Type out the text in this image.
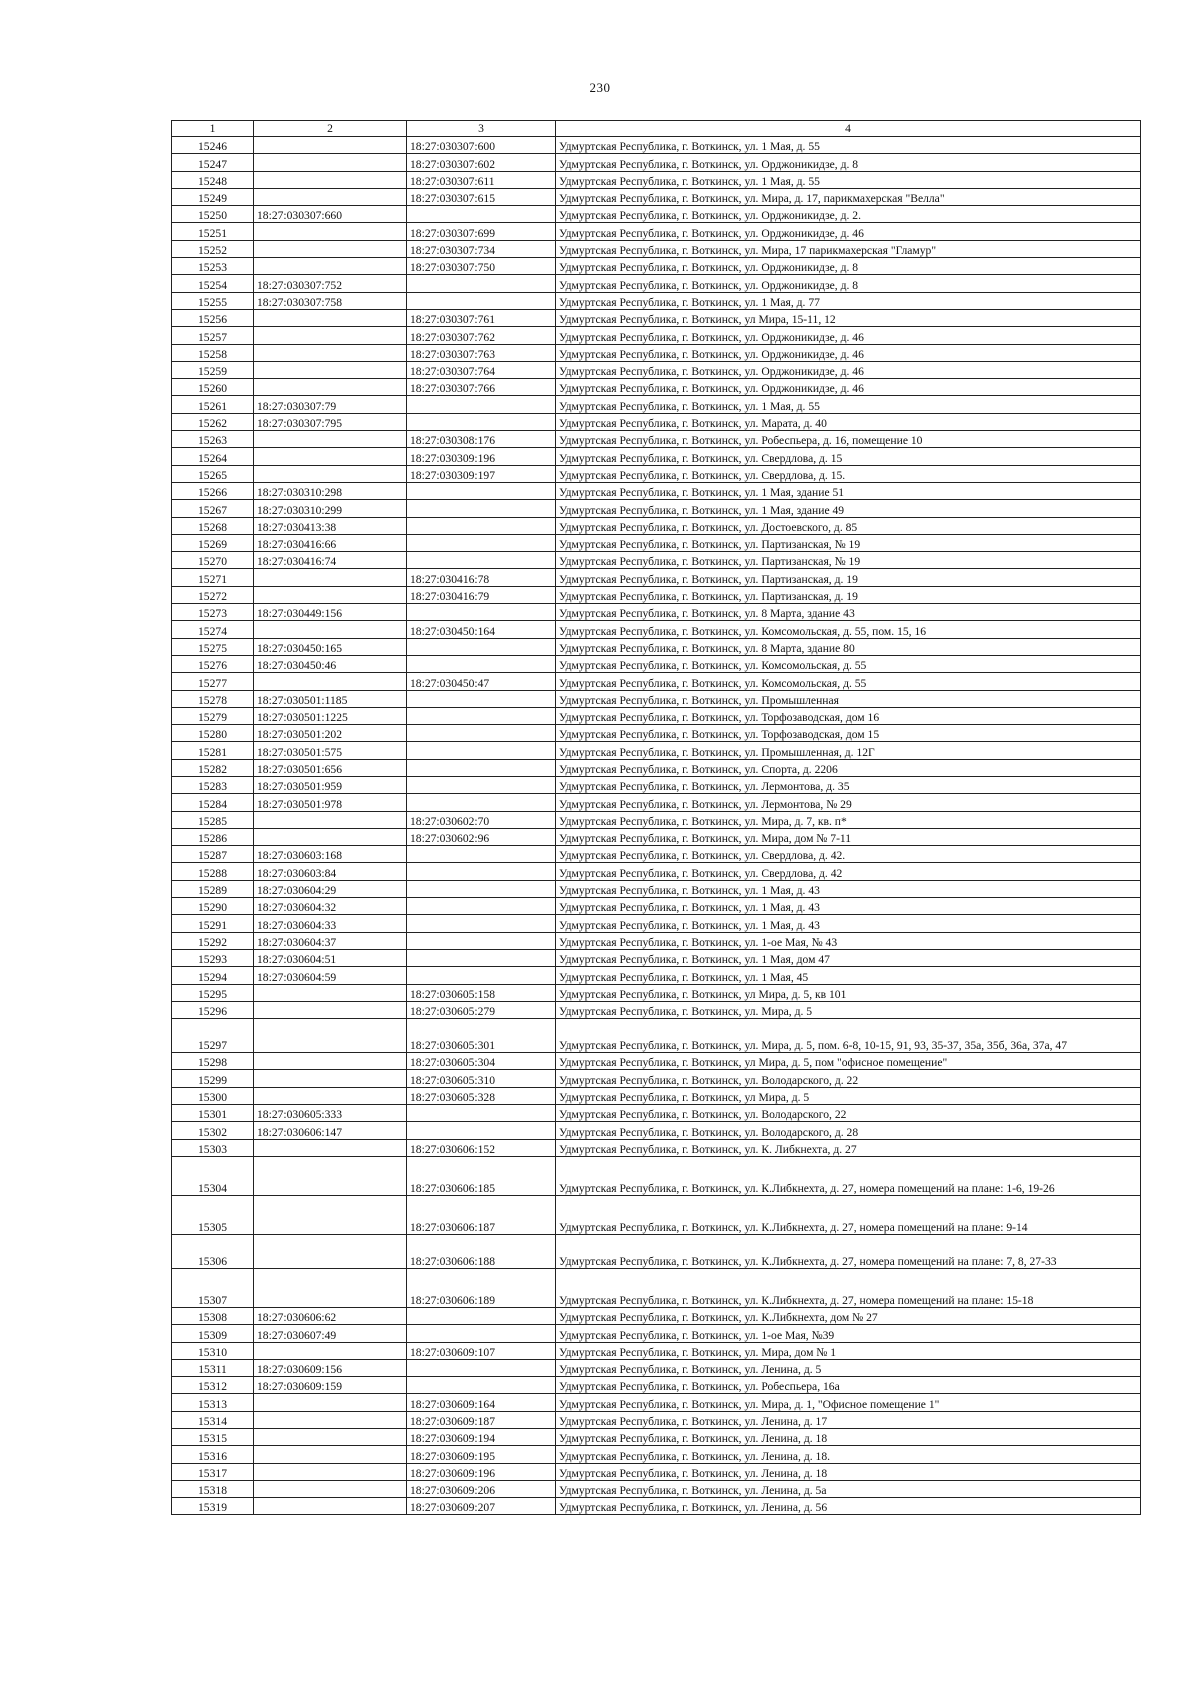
230
1	2	3	4
15246		18:27:030307:600	Удмуртская Республика, г. Воткинск, ул. 1 Мая, д. 55
15247		18:27:030307:602	Удмуртская Республика, г. Воткинск, ул. Орджоникидзе, д. 8
15248		18:27:030307:611	Удмуртская Республика, г. Воткинск, ул. 1 Мая, д. 55
15249		18:27:030307:615	Удмуртская Республика, г. Воткинск, ул. Мира, д. 17, парикмахерская "Велла"
15250	18:27:030307:660		Удмуртская Республика, г. Воткинск, ул. Орджоникидзе, д. 2.
15251		18:27:030307:699	Удмуртская Республика, г. Воткинск, ул. Орджоникидзе, д. 46
15252		18:27:030307:734	Удмуртская Республика, г. Воткинск, ул. Мира, 17 парикмахерская "Гламур"
15253		18:27:030307:750	Удмуртская Республика, г. Воткинск, ул. Орджоникидзе, д. 8
15254	18:27:030307:752		Удмуртская Республика, г. Воткинск, ул. Орджоникидзе, д. 8
15255	18:27:030307:758		Удмуртская Республика, г. Воткинск, ул. 1 Мая, д. 77
15256		18:27:030307:761	Удмуртская Республика, г. Воткинск, ул Мира, 15-11, 12
15257		18:27:030307:762	Удмуртская Республика, г. Воткинск, ул. Орджоникидзе, д. 46
15258		18:27:030307:763	Удмуртская Республика, г. Воткинск, ул. Орджоникидзе, д. 46
15259		18:27:030307:764	Удмуртская Республика, г. Воткинск, ул. Орджоникидзе, д. 46
15260		18:27:030307:766	Удмуртская Республика, г. Воткинск, ул. Орджоникидзе, д. 46
15261	18:27:030307:79		Удмуртская Республика, г. Воткинск, ул. 1 Мая, д. 55
15262	18:27:030307:795		Удмуртская Республика, г. Воткинск, ул. Марата, д. 40
15263		18:27:030308:176	Удмуртская Республика, г. Воткинск, ул. Робеспьера, д. 16, помещение 10
15264		18:27:030309:196	Удмуртская Республика, г. Воткинск, ул. Свердлова, д. 15
15265		18:27:030309:197	Удмуртская Республика, г. Воткинск, ул. Свердлова, д. 15.
15266	18:27:030310:298		Удмуртская Республика, г. Воткинск, ул. 1 Мая, здание 51
15267	18:27:030310:299		Удмуртская Республика, г. Воткинск, ул. 1 Мая, здание 49
15268	18:27:030413:38		Удмуртская Республика, г. Воткинск, ул. Достоевского, д. 85
15269	18:27:030416:66		Удмуртская Республика, г. Воткинск, ул. Партизанская, № 19
15270	18:27:030416:74		Удмуртская Республика, г. Воткинск, ул. Партизанская, № 19
15271		18:27:030416:78	Удмуртская Республика, г. Воткинск, ул. Партизанская, д. 19
15272		18:27:030416:79	Удмуртская Республика, г. Воткинск, ул. Партизанская, д. 19
15273	18:27:030449:156		Удмуртская Республика, г. Воткинск, ул. 8 Марта, здание 43
15274		18:27:030450:164	Удмуртская Республика, г. Воткинск, ул. Комсомольская, д. 55, пом. 15, 16
15275	18:27:030450:165		Удмуртская Республика, г. Воткинск, ул. 8 Марта, здание 80
15276	18:27:030450:46		Удмуртская Республика, г. Воткинск, ул. Комсомольская, д. 55
15277		18:27:030450:47	Удмуртская Республика, г. Воткинск, ул. Комсомольская, д. 55
15278	18:27:030501:1185		Удмуртская Республика, г. Воткинск, ул. Промышленная
15279	18:27:030501:1225		Удмуртская Республика, г. Воткинск, ул. Торфозаводская, дом 16
15280	18:27:030501:202		Удмуртская Республика, г. Воткинск, ул. Торфозаводская, дом 15
15281	18:27:030501:575		Удмуртская Республика, г. Воткинск, ул. Промышленная, д. 12Г
15282	18:27:030501:656		Удмуртская Республика, г. Воткинск, ул. Спорта, д. 2206
15283	18:27:030501:959		Удмуртская Республика, г. Воткинск, ул. Лермонтова, д. 35
15284	18:27:030501:978		Удмуртская Республика, г. Воткинск, ул. Лермонтова, № 29
15285		18:27:030602:70	Удмуртская Республика, г. Воткинск, ул. Мира, д. 7, кв. п*
15286		18:27:030602:96	Удмуртская Республика, г. Воткинск, ул. Мира, дом № 7-11
15287	18:27:030603:168		Удмуртская Республика, г. Воткинск, ул. Свердлова, д. 42.
15288	18:27:030603:84		Удмуртская Республика, г. Воткинск, ул. Свердлова, д. 42
15289	18:27:030604:29		Удмуртская Республика, г. Воткинск, ул. 1 Мая, д. 43
15290	18:27:030604:32		Удмуртская Республика, г. Воткинск, ул. 1 Мая, д. 43
15291	18:27:030604:33		Удмуртская Республика, г. Воткинск, ул. 1 Мая, д. 43
15292	18:27:030604:37		Удмуртская Республика, г. Воткинск, ул. 1-ое Мая, № 43
15293	18:27:030604:51		Удмуртская Республика, г. Воткинск, ул. 1 Мая, дом 47
15294	18:27:030604:59		Удмуртская Республика, г. Воткинск, ул. 1 Мая, 45
15295		18:27:030605:158	Удмуртская Республика, г. Воткинск, ул Мира, д. 5, кв 101
15296		18:27:030605:279	Удмуртская Республика, г. Воткинск, ул. Мира, д. 5
15297		18:27:030605:301	Удмуртская Республика, г. Воткинск, ул. Мира, д. 5, пом. 6-8, 10-15, 91, 93, 35-37, 35а, 35б, 36а, 37а, 47
15298		18:27:030605:304	Удмуртская Республика, г. Воткинск, ул Мира, д. 5, пом "офисное помещение"
15299		18:27:030605:310	Удмуртская Республика, г. Воткинск, ул. Володарского, д. 22
15300		18:27:030605:328	Удмуртская Республика, г. Воткинск, ул Мира, д. 5
15301	18:27:030605:333		Удмуртская Республика, г. Воткинск, ул. Володарского, 22
15302	18:27:030606:147		Удмуртская Республика, г. Воткинск, ул. Володарского, д. 28
15303		18:27:030606:152	Удмуртская Республика, г. Воткинск, ул. К. Либкнехта, д. 27
15304		18:27:030606:185	Удмуртская Республика, г. Воткинск, ул. К.Либкнехта, д. 27, номера помещений на плане: 1-6, 19-26
15305		18:27:030606:187	Удмуртская Республика, г. Воткинск, ул. К.Либкнехта, д. 27, номера помещений на плане: 9-14
15306		18:27:030606:188	Удмуртская Республика, г. Воткинск, ул. К.Либкнехта, д. 27, номера помещений на плане: 7, 8, 27-33
15307		18:27:030606:189	Удмуртская Республика, г. Воткинск, ул. К.Либкнехта, д. 27, номера помещений на плане: 15-18
15308	18:27:030606:62		Удмуртская Республика, г. Воткинск, ул. К.Либкнехта, дом № 27
15309	18:27:030607:49		Удмуртская Республика, г. Воткинск, ул. 1-ое Мая, №39
15310		18:27:030609:107	Удмуртская Республика, г. Воткинск, ул. Мира, дом № 1
15311	18:27:030609:156		Удмуртская Республика, г. Воткинск, ул. Ленина, д. 5
15312	18:27:030609:159		Удмуртская Республика, г. Воткинск, ул. Робеспьера, 16а
15313		18:27:030609:164	Удмуртская Республика, г. Воткинск, ул. Мира, д. 1, "Офисное помещение 1"
15314		18:27:030609:187	Удмуртская Республика, г. Воткинск, ул. Ленина, д. 17
15315		18:27:030609:194	Удмуртская Республика, г. Воткинск, ул. Ленина, д. 18
15316		18:27:030609:195	Удмуртская Республика, г. Воткинск, ул. Ленина, д. 18.
15317		18:27:030609:196	Удмуртская Республика, г. Воткинск, ул. Ленина, д. 18
15318		18:27:030609:206	Удмуртская Республика, г. Воткинск, ул. Ленина, д. 5а
15319		18:27:030609:207	Удмуртская Республика, г. Воткинск, ул. Ленина, д. 56
